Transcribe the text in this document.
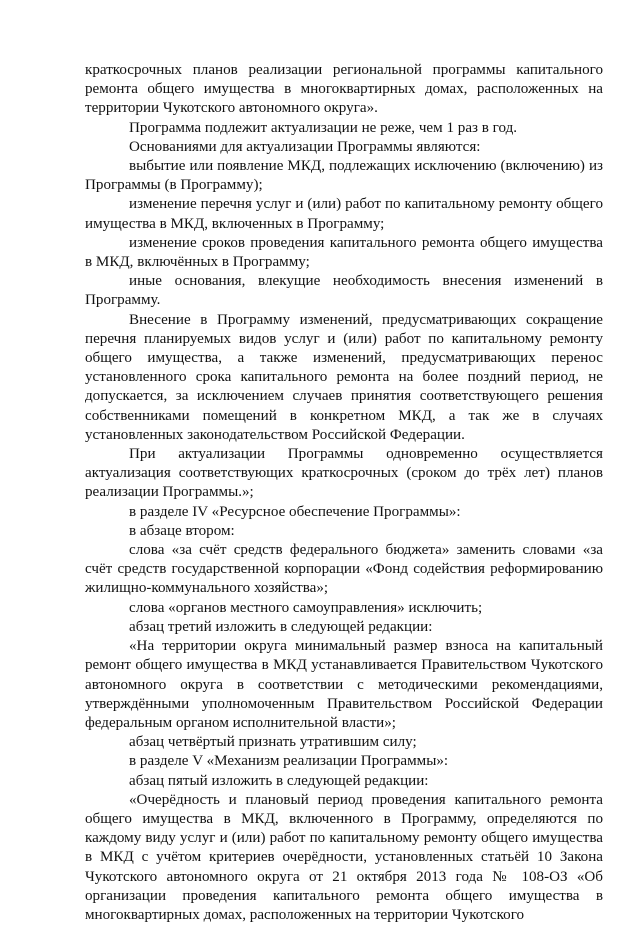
краткосрочных планов реализации региональной программы капитального ремонта общего имущества в многоквартирных домах, расположенных на территории Чукотского автономного округа».

Программа подлежит актуализации не реже, чем 1 раз в год.

Основаниями для актуализации Программы являются:

выбытие или появление МКД, подлежащих исключению (включению) из Программы (в Программу);

изменение перечня услуг и (или) работ по капитальному ремонту общего имущества в МКД, включенных в Программу;

изменение сроков проведения капитального ремонта общего имущества в МКД, включённых в Программу;

иные основания, влекущие необходимость внесения изменений в Программу.

Внесение в Программу изменений, предусматривающих сокращение перечня планируемых видов услуг и (или) работ по капитальному ремонту общего имущества, а также изменений, предусматривающих перенос установленного срока капитального ремонта на более поздний период, не допускается, за исключением случаев принятия соответствующего решения собственниками помещений в конкретном МКД, а так же в случаях установленных законодательством Российской Федерации.

При актуализации Программы одновременно осуществляется актуализация соответствующих краткосрочных (сроком до трёх лет) планов реализации Программы.»;

в разделе IV «Ресурсное обеспечение Программы»:

в абзаце втором:

слова «за счёт средств федерального бюджета» заменить словами «за счёт средств государственной корпорации «Фонд содействия реформированию жилищно-коммунального хозяйства»;

слова «органов местного самоуправления» исключить;

абзац третий изложить в следующей редакции:

«На территории округа минимальный размер взноса на капитальный ремонт общего имущества в МКД устанавливается Правительством Чукотского автономного округа в соответствии с методическими рекомендациями, утверждёнными уполномоченным Правительством Российской Федерации федеральным органом исполнительной власти»;

абзац четвёртый признать утратившим силу;

в разделе V «Механизм реализации Программы»:

абзац пятый изложить в следующей редакции:

«Очерёдность и плановый период проведения капитального ремонта общего имущества в МКД, включенного в Программу, определяются по каждому виду услуг и (или) работ по капитальному ремонту общего имущества в МКД с учётом критериев очерёдности, установленных статьёй 10 Закона Чукотского автономного округа от 21 октября 2013 года № 108-ОЗ «Об организации проведения капитального ремонта общего имущества в многоквартирных домах, расположенных на территории Чукотского
